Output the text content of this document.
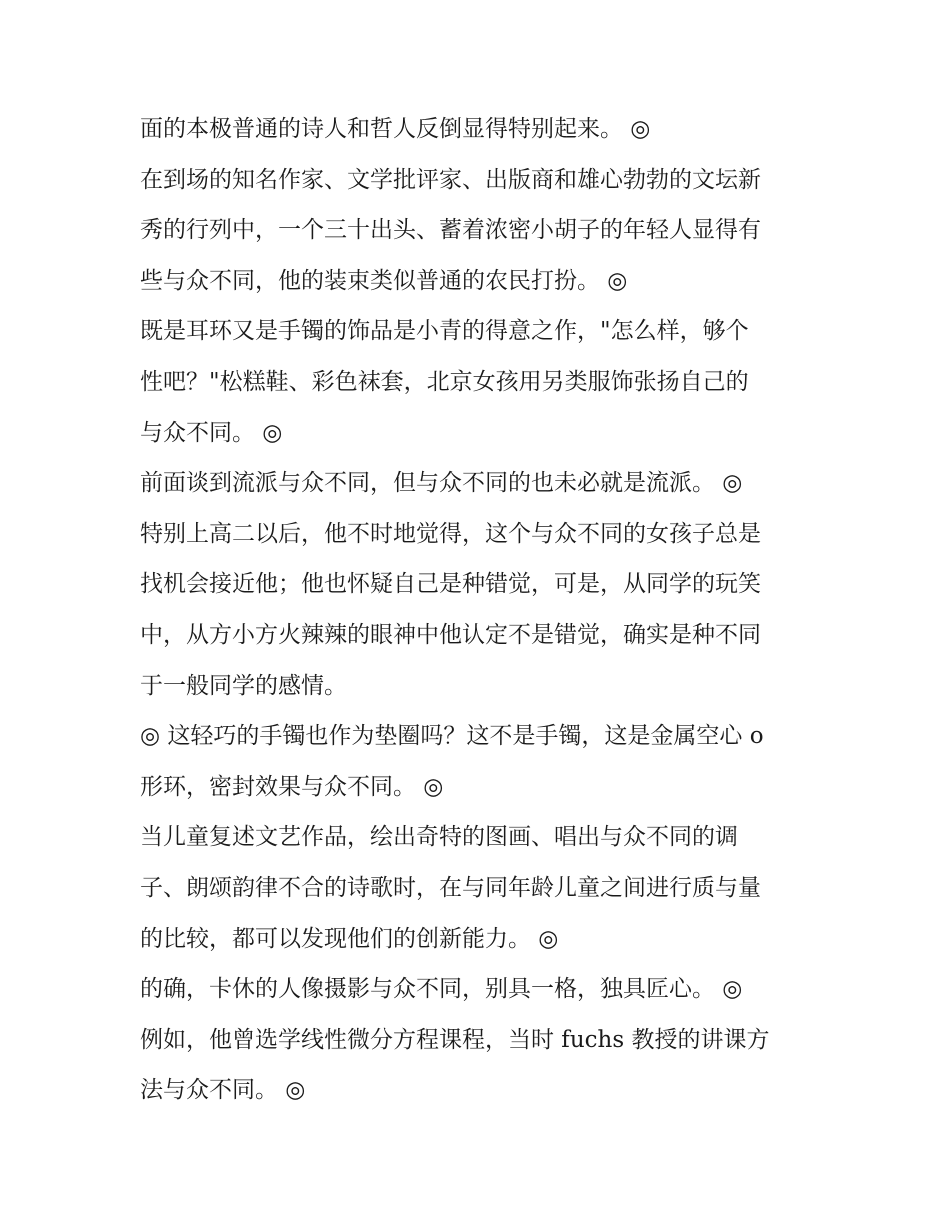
面的本极普通的诗人和哲人反倒显得特别起来。 ◎

在到场的知名作家、文学批评家、出版商和雄心勃勃的文坛新
秀的行列中，一个三十出头、蓄着浓密小胡子的年轻人显得有
些与众不同，他的装束类似普通的农民打扮。 ◎

既是耳环又是手镯的饰品是小青的得意之作，"怎么样，够个
性吧？"松糕鞋、彩色袜套，北京女孩用另类服饰张扬自己的
与众不同。 ◎

前面谈到流派与众不同，但与众不同的也未必就是流派。 ◎

特别上高二以后，他不时地觉得，这个与众不同的女孩子总是
找机会接近他；他也怀疑自己是种错觉，可是，从同学的玩笑
中，从方小方火辣辣的眼神中他认定不是错觉，确实是种不同
于一般同学的感情。

◎ 这轻巧的手镯也作为垫圈吗？这不是手镯，这是金属空心 o
形环，密封效果与众不同。 ◎

当儿童复述文艺作品，绘出奇特的图画、唱出与众不同的调
子、朗颂韵律不合的诗歌时，在与同年龄儿童之间进行质与量
的比较，都可以发现他们的创新能力。 ◎

的确，卡休的人像摄影与众不同，别具一格，独具匠心。 ◎

例如，他曾选学线性微分方程课程，当时 fuchs 教授的讲课方
法与众不同。 ◎
